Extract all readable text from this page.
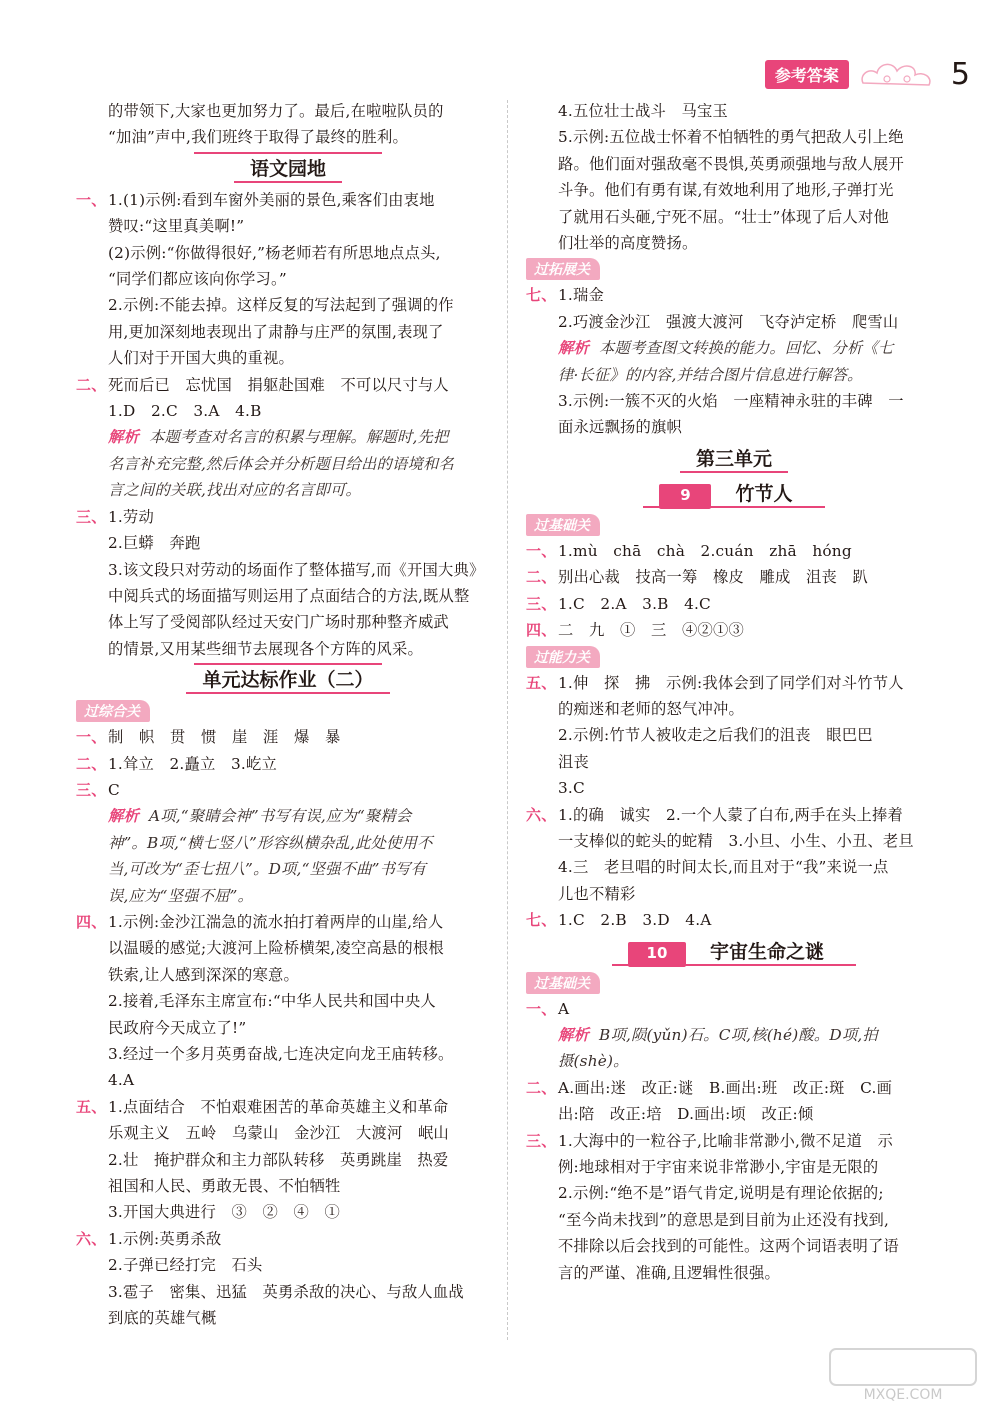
参考答案	5
的带领下,大家也更加努力了。最后,在啦啦队员的
“加油”声中,我们班终于取得了最终的胜利。
语文园地
一、 1.(1)示例:看到车窗外美丽的景色,乘客们由衷地
赞叹:“这里真美啊!”
(2)示例:“你做得很好,”杨老师若有所思地点点头,
“同学们都应该向你学习。”
2.示例:不能去掉。这样反复的写法起到了强调的作
用,更加深刻地表现出了肃静与庄严的氛围,表现了
人们对于开国大典的重视。
二、 死而后已　忘忧国　捐躯赴国难　不可以尺寸与人
1.D　2.C　3.A　4.B
解析 本题考查对名言的积累与理解。解题时,先把
名言补充完整,然后体会并分析题目给出的语境和名
言之间的关联,找出对应的名言即可。
三、 1.劳动
2.巨蟒　奔跑
3.该文段只对劳动的场面作了整体描写,而《开国大典》
中阅兵式的场面描写则运用了点面结合的方法,既从整
体上写了受阅部队经过天安门广场时那种整齐威武
的情景,又用某些细节去展现各个方阵的风采。
单元达标作业（二）
过综合关
一、 制　帜　贯　惯　崖　涯　爆　暴
二、 1.耸立　2.矗立　3.屹立
三、 C
解析 A项,“聚睛会神”书写有误,应为“聚精会
神”。B项,“横七竖八”形容纵横杂乱,此处使用不
当,可改为“歪七扭八”。D项,“坚强不曲”书写有
误,应为“坚强不屈”。
四、 1.示例:金沙江湍急的流水拍打着两岸的山崖,给人
以温暖的感觉;大渡河上险桥横架,凌空高悬的根根
铁索,让人感到深深的寒意。
2.接着,毛泽东主席宣布:“中华人民共和国中央人
民政府今天成立了!”
3.经过一个多月英勇奋战,七连决定向龙王庙转移。
4.A
五、 1.点面结合　不怕艰难困苦的革命英雄主义和革命
乐观主义　五岭　乌蒙山　金沙江　大渡河　岷山
2.壮　掩护群众和主力部队转移　英勇跳崖　热爱
祖国和人民、勇敢无畏、不怕牺牲
3.开国大典进行　③　②　④　①
六、 1.示例:英勇杀敌
2.子弹已经打完　石头
3.雹子　密集、迅猛　英勇杀敌的决心、与敌人血战
到底的英雄气概
4.五位壮士战斗　马宝玉
5.示例:五位战士怀着不怕牺牲的勇气把敌人引上绝
路。他们面对强敌毫不畏惧,英勇顽强地与敌人展开
斗争。他们有勇有谋,有效地利用了地形,子弹打光
了就用石头砸,宁死不屈。“壮士”体现了后人对他
们壮举的高度赞扬。
过拓展关
七、 1.瑞金
2.巧渡金沙江　强渡大渡河　飞夺泸定桥　爬雪山
解析 本题考查图文转换的能力。回忆、分析《七
律·长征》的内容,并结合图片信息进行解答。
3.示例:一簇不灭的火焰　一座精神永驻的丰碑　一
面永远飘扬的旗帜
第三单元
9 竹节人
过基础关
一、 1.mù　chā　chà　2.cuán　zhā　hóng
二、 别出心裁　技高一筹　橡皮　雕成　沮丧　趴
三、 1.C　2.A　3.B　4.C
四、 二　九　①　三　④②①③
过能力关
五、 1.伸　探　拂　示例:我体会到了同学们对斗竹节人
的痴迷和老师的怒气冲冲。
2.示例:竹节人被收走之后我们的沮丧　眼巴巴
沮丧
3.C
六、 1.的确　诚实　2.一个人蒙了白布,两手在头上捧着
一支棒似的蛇头的蛇精　3.小旦、小生、小丑、老旦
4.三　老旦唱的时间太长,而且对于“我”来说一点
儿也不精彩
七、 1.C　2.B　3.D　4.A
10 宇宙生命之谜
过基础关
一、 A
解析 B项,陨(yǔn)石。C项,核(hé)酸。D项,拍
摄(shè)。
二、 A.画出:迷　改正:谜　B.画出:班　改正:斑　C.画
出:陪　改正:培　D.画出:顷　改正:倾
三、 1.大海中的一粒谷子,比喻非常渺小,微不足道　示
例:地球相对于宇宙来说非常渺小,宇宙是无限的
2.示例:“绝不是”语气肯定,说明是有理论依据的;
“至今尚未找到”的意思是到目前为止还没有找到,
不排除以后会找到的可能性。这两个词语表明了语
言的严谨、准确,且逻辑性很强。
MXQE.COM
